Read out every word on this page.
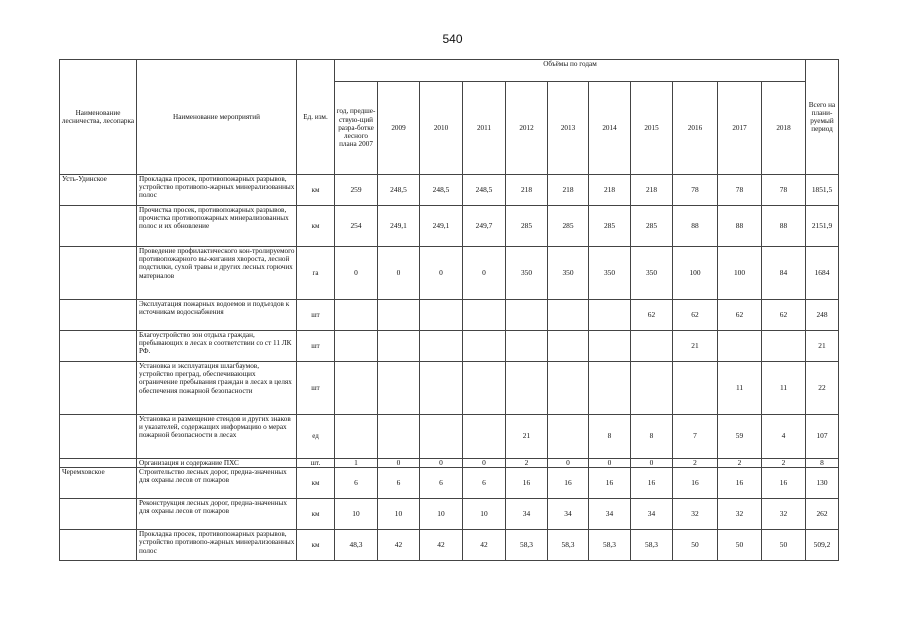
540
Наименование лесничества, лесопарка	Наименование мероприятий	Ед. изм.	Объёмы по годам											Всего на плани-руемый период
			год, предше-ствую-щий разра-ботке лесного плана 2007	2009	2010	2011	2012	2013	2014	2015	2016	2017	2018	
Усть-Удинское	Прокладка просек, противопожарных разрывов, устройство противопо-жарных минерализованных полос	км	259	248,5	248,5	248,5	218	218	218	218	78	78	78	1851,5
	Прочистка просек, противопожарных разрывов, прочистка противопожарных минерализованных полос и их обновление	км	254	249,1	249,1	249,7	285	285	285	285	88	88	88	2151,9
	Проведение профилактического кон-тролируемого противопожарного вы-жигания хвороста, лесной подстилки, сухой травы и других лесных горючих материалов	га	0	0	0	0	350	350	350	350	100	100	84	1684
	Эксплуатация пожарных водоемов и подъездов к источникам водоснабжения	шт								62	62	62	62	248
	Благоустройство зон отдыха граждан, пребывающих в лесах в соответствии со ст 11 ЛК РФ.	шт									21			21
	Установка и эксплуатация шлагбаумов, устройство преград, обеспечивающих ограничение пребывания граждан в лесах в целях обеспечения пожарной безопасности	шт										11	11	22
	Установка и размещение стендов и других знаков и указателей, содержащих информацию о мерах пожарной безопасности в лесах	ед					21		8	8	7	59	4	107
	Организация и содержание ПХС	шт.	1	0	0	0	2	0	0	0	2	2	2	8
Черемховское	Строительство лесных дорог, предна-значенных для охраны лесов от пожаров	км	6	6	6	6	16	16	16	16	16	16	16	130
	Реконструкция лесных дорог, предна-значенных для охраны лесов от пожаров	км	10	10	10	10	34	34	34	34	32	32	32	262
	Прокладка просек, противопожарных разрывов, устройство противопо-жарных минерализованных полос	км	48,3	42	42	42	58,3	58,3	58,3	58,3	50	50	50	509,2
